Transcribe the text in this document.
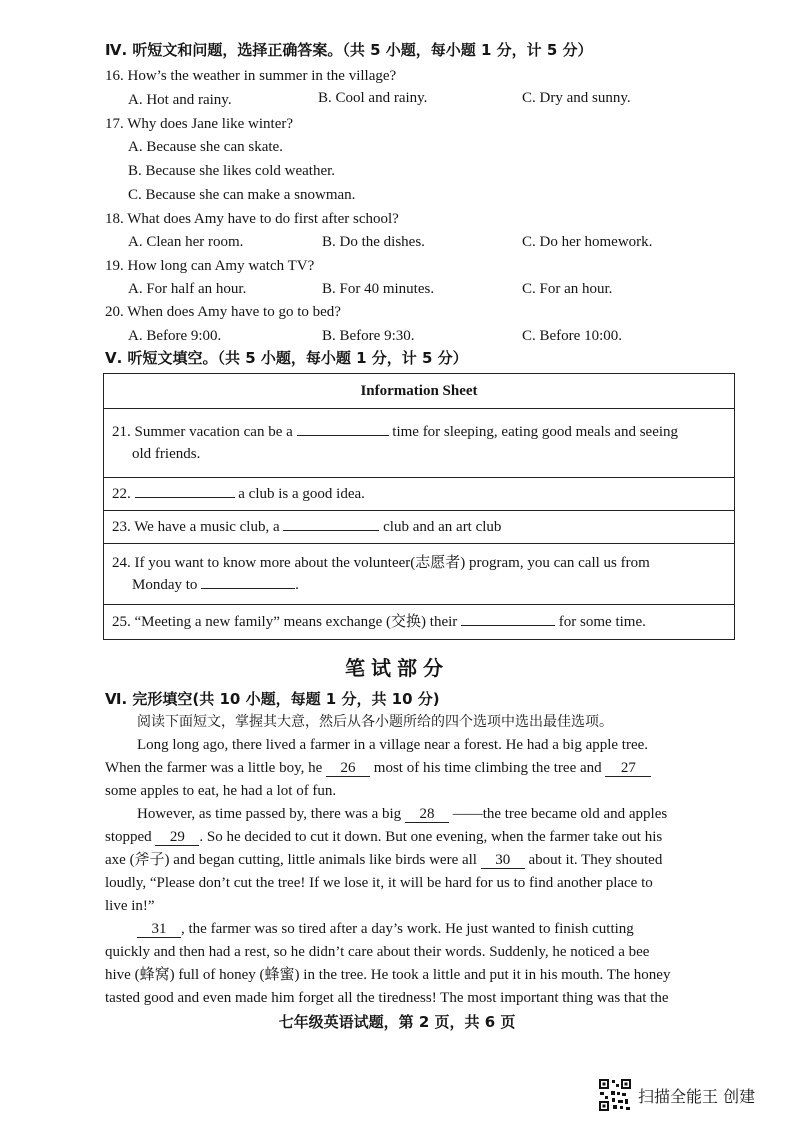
Ⅳ. 听短文和问题，选择正确答案。（共 5 小题，每小题 1 分，计 5 分）
16. How’s the weather in summer in the village?
A. Hot and rainy.	B. Cool and rainy.	C. Dry and sunny.
17. Why does Jane like winter?
A. Because she can skate.
B. Because she likes cold weather.
C. Because she can make a snowman.
18. What does Amy have to do first after school?
A. Clean her room.	B. Do the dishes.	C. Do her homework.
19. How long can Amy watch TV?
A. For half an hour.	B. For 40 minutes.	C. For an hour.
20. When does Amy have to go to bed?
A. Before 9:00.	B. Before 9:30.	C. Before 10:00.
Ⅴ. 听短文填空。（共 5 小题，每小题 1 分，计 5 分）
Information Sheet
21. Summer vacation can be a	time for sleeping, eating good meals and seeing
old friends.
22.	a club is a good idea.
23. We have a music club, a	club and an art club
24. If you want to know more about the volunteer(志愿者) program, you can call us from
Monday to	.
25. “Meeting a new family” means exchange (交换) their	for some time.
笔试部分
Ⅵ. 完形填空(共 10 小题，每题 1 分，共 10 分)
阅读下面短文，掌握其大意，然后从各小题所给的四个选项中选出最佳选项。
Long long ago, there lived a farmer in a village near a forest. He had a big apple tree.
When the farmer was a little boy, he 26 most of his time climbing the tree and 27
some apples to eat, he had a lot of fun.
However, as time passed by, there was a big 28 ——the tree became old and apples
stopped 29 . So he decided to cut it down. But one evening, when the farmer take out his
axe (斧子) and began cutting, little animals like birds were all 30 about it. They shouted
loudly, “Please don’t cut the tree! If we lose it, it will be hard for us to find another place to
live in!”
31 , the farmer was so tired after a day’s work. He just wanted to finish cutting
quickly and then had a rest, so he didn’t care about their words. Suddenly, he noticed a bee
hive (蜂窝) full of honey (蜂蜜) in the tree. He took a little and put it in his mouth. The honey
tasted good and even made him forget all the tiredness! The most important thing was that the
七年级英语试题，第 2 页，共 6 页
扫描全能王 创建
